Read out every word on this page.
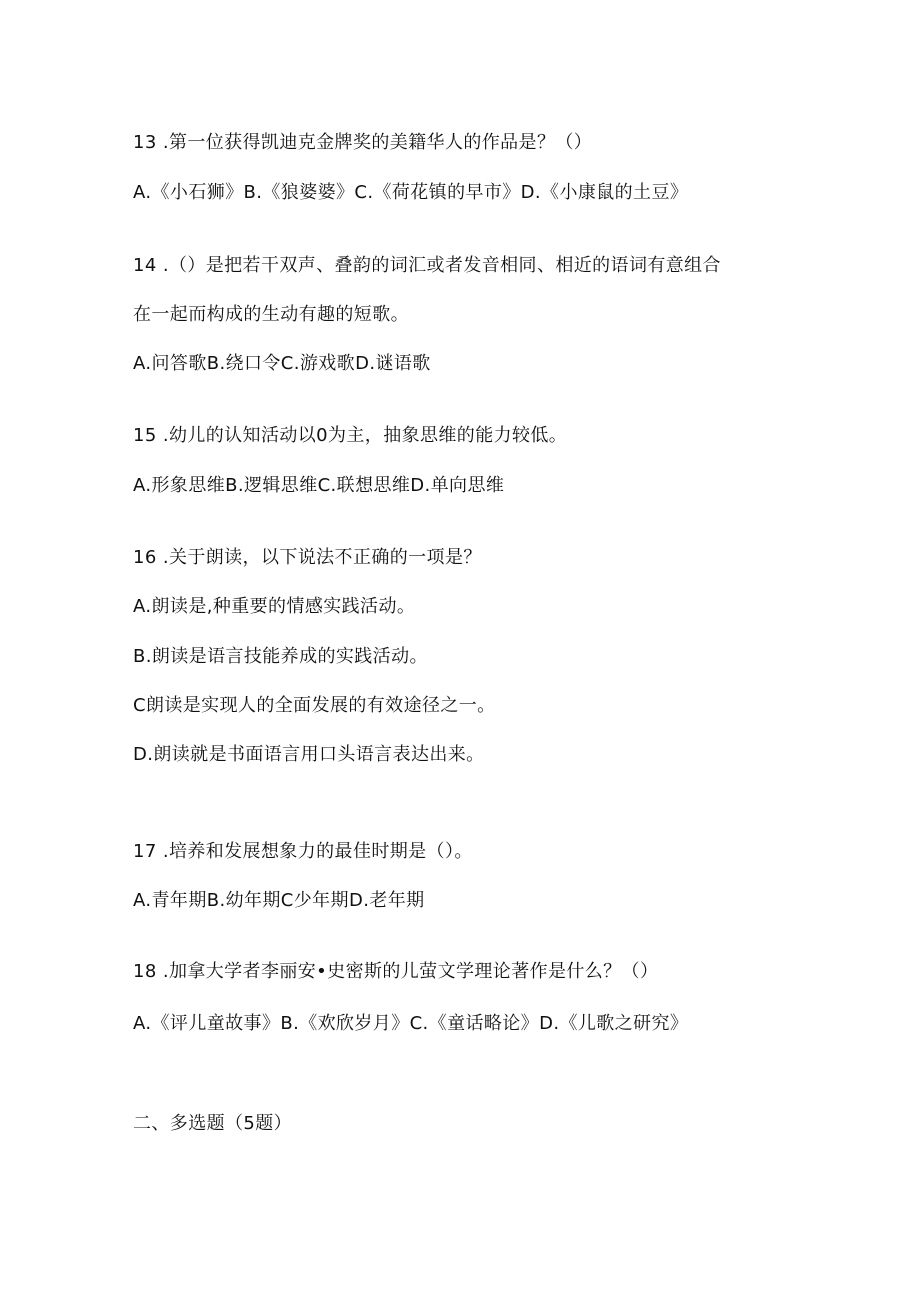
13 .第一位获得凯迪克金牌奖的美籍华人的作品是？（）
A.《小石狮》B.《狼婆婆》C.《荷花镇的早市》D.《小康鼠的土豆》
14 .（）是把若干双声、叠韵的词汇或者发音相同、相近的语词有意组合
在一起而构成的生动有趣的短歌。
A.问答歌B.绕口令C.游戏歌D.谜语歌
15 .幼儿的认知活动以0为主，抽象思维的能力较低。
A.形象思维B.逻辑思维C.联想思维D.单向思维
16 .关于朗读，以下说法不正确的一项是？
A.朗读是,种重要的情感实践活动。
B.朗读是语言技能养成的实践活动。
C朗读是实现人的全面发展的有效途径之一。
D.朗读就是书面语言用口头语言表达出来。
17 .培养和发展想象力的最佳时期是（）。
A.青年期B.幼年期C少年期D.老年期
18 .加拿大学者李丽安•史密斯的儿萤文学理论著作是什么？（）
A.《评儿童故事》B.《欢欣岁月》C.《童话略论》D.《儿歌之研究》
二、多选题（5题）
